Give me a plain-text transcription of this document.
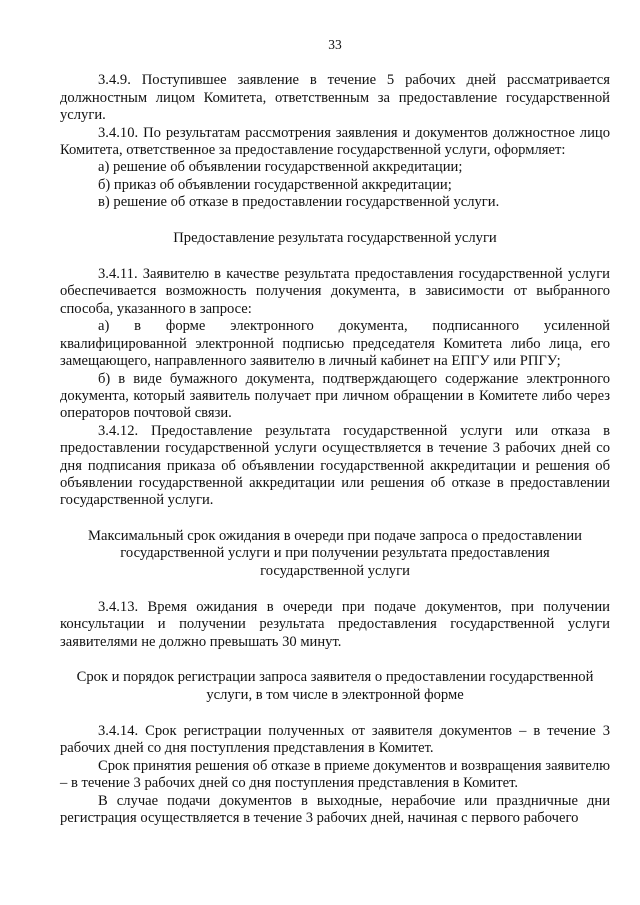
33

3.4.9. Поступившее заявление в течение 5 рабочих дней рассматривается должностным лицом Комитета, ответственным за предоставление государственной услуги.

3.4.10. По результатам рассмотрения заявления и документов должностное лицо Комитета, ответственное за предоставление государственной услуги, оформляет:

а) решение об объявлении государственной аккредитации;

б) приказ об объявлении государственной аккредитации;

в) решение об отказе в предоставлении государственной услуги.

Предоставление результата государственной услуги

3.4.11. Заявителю в качестве результата предоставления государственной услуги обеспечивается возможность получения документа, в зависимости от выбранного способа, указанного в запросе:

а) в форме электронного документа, подписанного усиленной квалифицированной электронной подписью председателя Комитета либо лица, его замещающего, направленного заявителю в личный кабинет на ЕПГУ или РПГУ;

б) в виде бумажного документа, подтверждающего содержание электронного документа, который заявитель получает при личном обращении в Комитете либо через операторов почтовой связи.

3.4.12. Предоставление результата государственной услуги или отказа в предоставлении государственной услуги осуществляется в течение 3 рабочих дней со дня подписания приказа об объявлении государственной аккредитации и решения об объявлении государственной аккредитации или решения об отказе в предоставлении государственной услуги.

Максимальный срок ожидания в очереди при подаче запроса о предоставлении государственной услуги и при получении результата предоставления государственной услуги

3.4.13. Время ожидания в очереди при подаче документов, при получении консультации и получении результата предоставления государственной услуги заявителями не должно превышать 30 минут.

Срок и порядок регистрации запроса заявителя о предоставлении государственной услуги, в том числе в электронной форме

3.4.14. Срок регистрации полученных от заявителя документов – в течение 3 рабочих дней со дня поступления представления в Комитет.

Срок принятия решения об отказе в приеме документов и возвращения заявителю – в течение 3 рабочих дней со дня поступления представления в Комитет.

В случае подачи документов в выходные, нерабочие или праздничные дни регистрация осуществляется в течение 3 рабочих дней, начиная с первого рабочего
